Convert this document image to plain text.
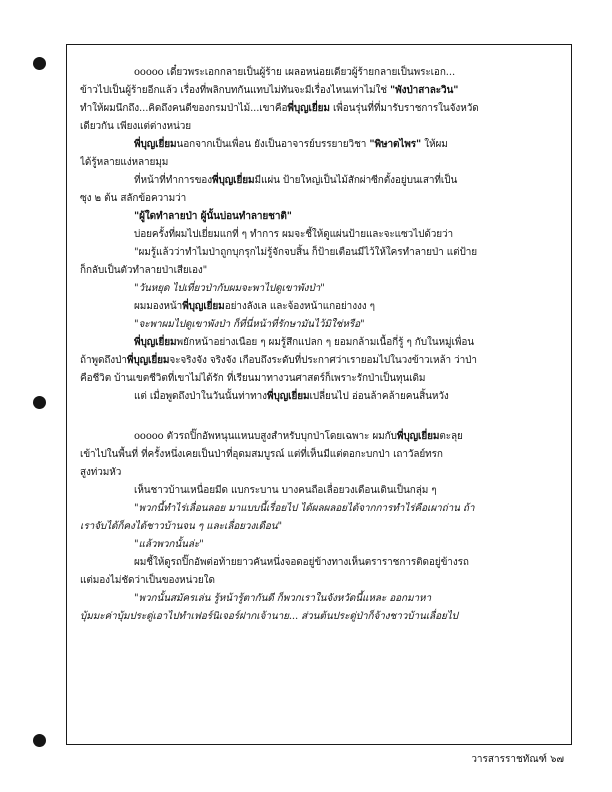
ooooo เดี๋ยวพระเอกกลายเป็นผู้ร้าย เผลอหน่อยเดียวผู้ร้ายกลายเป็นพระเอก...
ข้าวไปเป็นผู้ร้ายอีกแล้ว เรื่องที่พลิกบทกันแทบไม่ทันจะมีเรื่องไหนเท่าไม่ใช่ "พังป่าสาละวิน"
ทำให้ผมนึกถึง...คิดถึงคนดีของกรมป่าไม้...เขาคือพี่บุญเยี่ยม เพื่อนรุ่นที่ที่มารับราชการในจังหวัด
เดียวกัน เพียงแต่ต่างหน่วย
พี่บุญเยี่ยมนอกจากเป็นเพื่อน ยังเป็นอาจารย์บรรยายวิชา "พิษาตไพร" ให้ผม
ได้รู้หลายแง่หลายมุม
ที่หน้าที่ทำการของพี่บุญเยี่ยมมีแผ่น ป้ายใหญ่เป็นไม้สักผ่าซีกตั้งอยู่บนเสาที่เป็น
ซุง ๒ ต้น สลักข้อความว่า
"ผู้ใดทำลายป่า ผู้นั้นบ่อนทำลายชาติ"
บ่อยครั้งที่ผมไปเยี่ยมแกที่ ๆ ทำการ ผมจะชี้ให้ดูแผ่นป้ายและจะแซวไปด้วยว่า
"ผมรู้แล้วว่าทำไมป่าถูกบุกรุกไม่รู้จักจบสิ้น ก็ป้ายเตือนมีไว้ให้ใครทำลายป่า แต่ป้าย
ก็กลับเป็นตัวทำลายป่าเสียเอง"
"วันหยุด ไปเที่ยวป่ากับผมจะพาไปดูเขาพังป่า"
ผมมองหน้าพี่บุญเยี่ยมอย่างลังเล และจ้องหน้าแกอย่างงง ๆ
"จะพาผมไปดูเขาพังป่า ก็ที่นี่หน้าที่รักษามันไว้มิใช่หรือ"
พี่บุญเยี่ยมพยักหน้าอย่างเนือย ๆ ผมรู้สึกแปลก ๆ ยอมกล้ามเนื้อกี่รู้ ๆ กับในหมู่เพื่อน
ถ้าพูดถึงป่าพี่บุญเยี่ยมจะจริงจัง จริงจัง เกือบถึงระดับที่ประกาศว่าเรายอมไปในวงข้าวเหล้า ว่าป่า
คือชีวิต บ้านเขตชีวิตที่เขาไม่ได้รัก ที่เรียนมาทางวนศาสตร์ก็เพราะรักป่าเป็นทุนเดิม
แต่ เมื่อพูดถึงป่าในวันนั้นท่าทางพี่บุญเยี่ยมเปลี่ยนไป อ่อนล้าคล้ายคนสิ้นหวัง
ooooo ตัวรถปิ๊กอัพหนุนแหนบสูงสำหรับบุกป่าโดยเฉพาะ ผมกับพี่บุญเยี่ยมตะลุย
เข้าไปในพื้นที่ ที่ครั้งหนึ่งเคยเป็นป่าที่อุดมสมบูรณ์ แต่ที่เห็นมีแต่ตอกะบกป่า เถาวัลย์ทรก
สูงท่วมหัว
เห็นชาวบ้านเหนื่อยมีด แบกระบาน บางคนถือเลื่อยวงเดือนเดินเป็นกลุ่ม ๆ
"พวกนี้ทำไร่เลื่อนลอย มาแบบนี้เรื่อยไป ได้ผลผลอยได้จากการทำไร่คือเผาถ่าน ถ้า
เราจับได้ก็คงได้ชาวบ้านจน ๆ และเลื่อยวงเดือน"
"แล้วพวกนั้นล่ะ"
ผมชี้ให้ดูรถปิ๊กอัพต่อท้ายยาวคันหนึ่งจอดอยู่ข้างทางเห็นตราราชการติดอยู่ข้างรถ
แต่มองไม่ชัดว่าเป็นของหน่วยใด
"พวกนั้นสมัครเล่น รู้หน้ารู้ตากันดี ก็พวกเราในจังหวัดนี้แหละ ออกมาหา
บุ้มมะค่าบุ้มประดู่เอาไปทำเฟอร์นิเจอร์ฝากเจ้านาย... ส่วนต้นประดู่ป่าก็จ้างชาวบ้านเลื่อยไป
วารสารราชทัณฑ์ ๖๗
